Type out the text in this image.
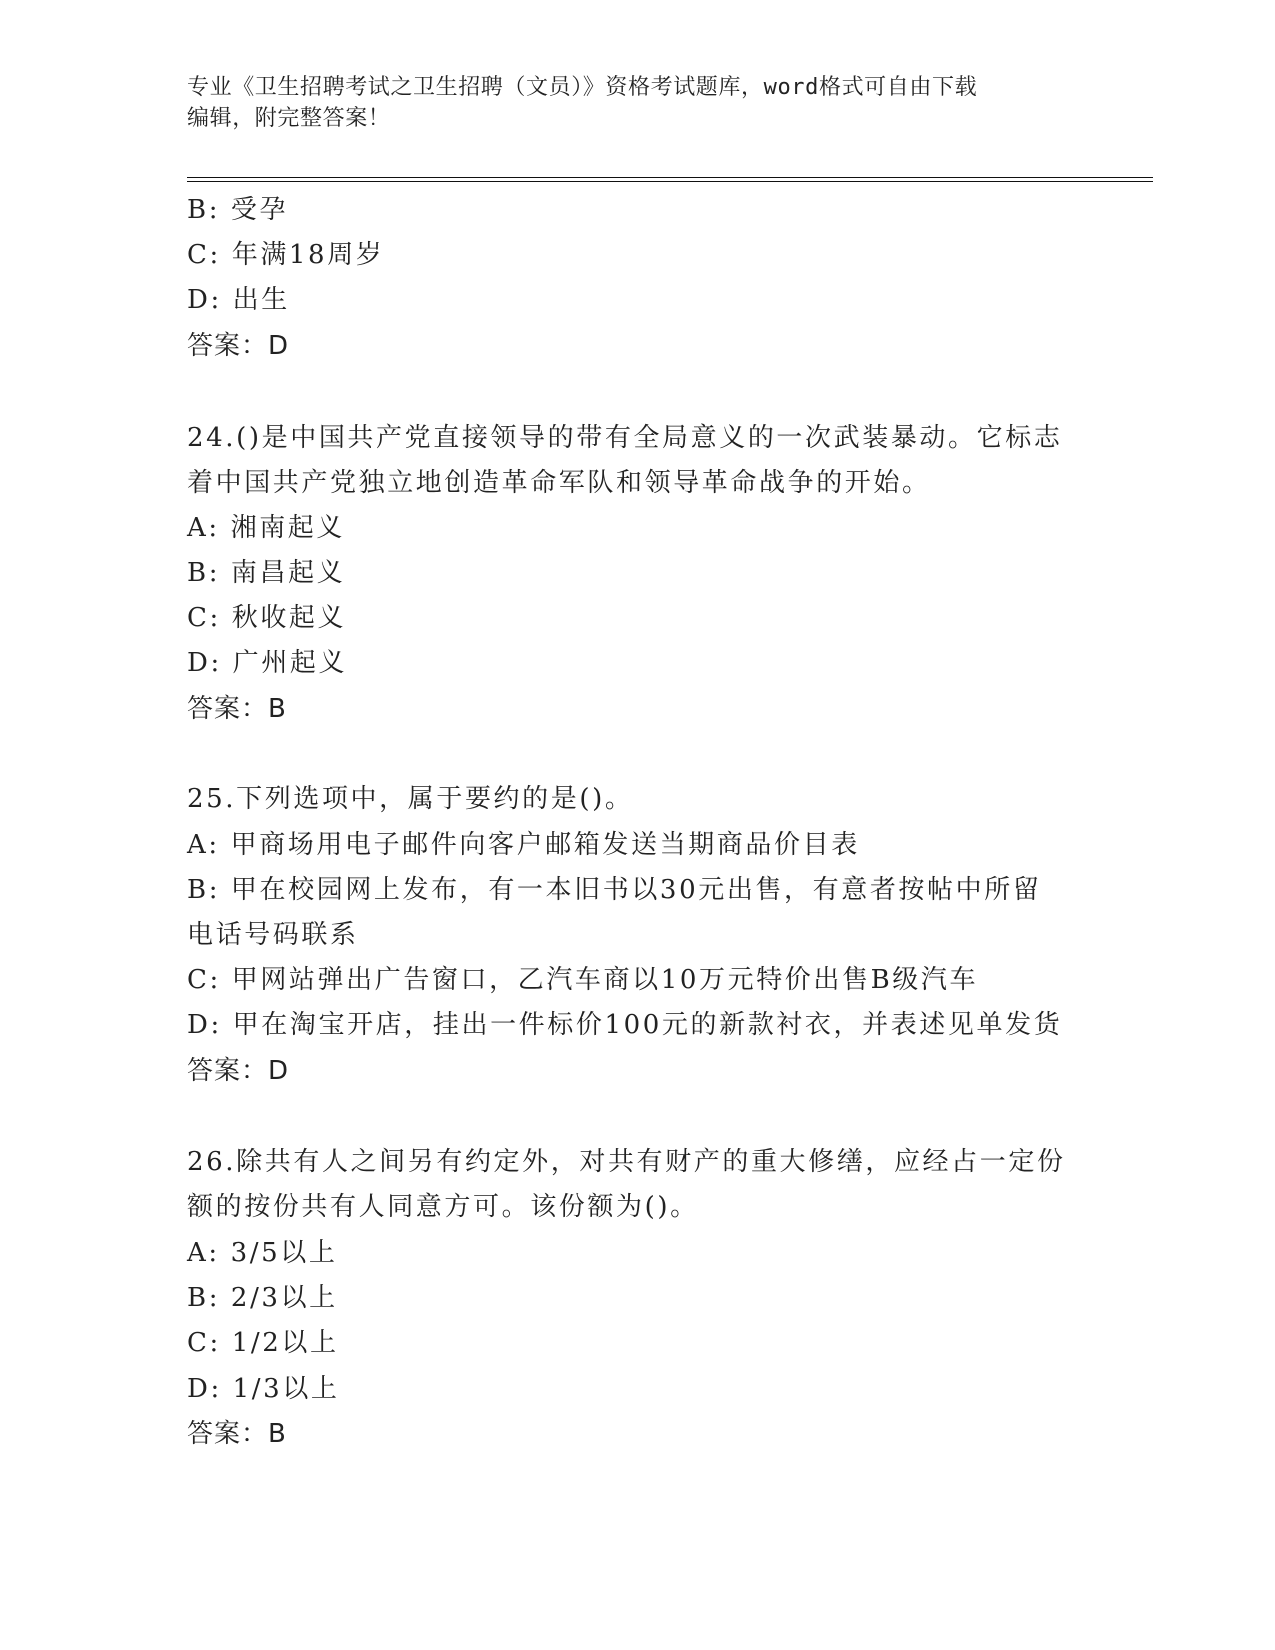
专业《卫生招聘考试之卫生招聘（文员）》资格考试题库，word格式可自由下载
编辑，附完整答案！
B: 受孕
C: 年满18周岁
D: 出生
答案：D
24.()是中国共产党直接领导的带有全局意义的一次武装暴动。它标志
着中国共产党独立地创造革命军队和领导革命战争的开始。
A: 湘南起义
B: 南昌起义
C: 秋收起义
D: 广州起义
答案：B
25.下列选项中，属于要约的是()。
A: 甲商场用电子邮件向客户邮箱发送当期商品价目表
B: 甲在校园网上发布，有一本旧书以30元出售，有意者按帖中所留
电话号码联系
C: 甲网站弹出广告窗口，乙汽车商以10万元特价出售B级汽车
D: 甲在淘宝开店，挂出一件标价100元的新款衬衣，并表述见单发货
答案：D
26.除共有人之间另有约定外，对共有财产的重大修缮，应经占一定份
额的按份共有人同意方可。该份额为()。
A: 3/5以上
B: 2/3以上
C: 1/2以上
D: 1/3以上
答案：B
